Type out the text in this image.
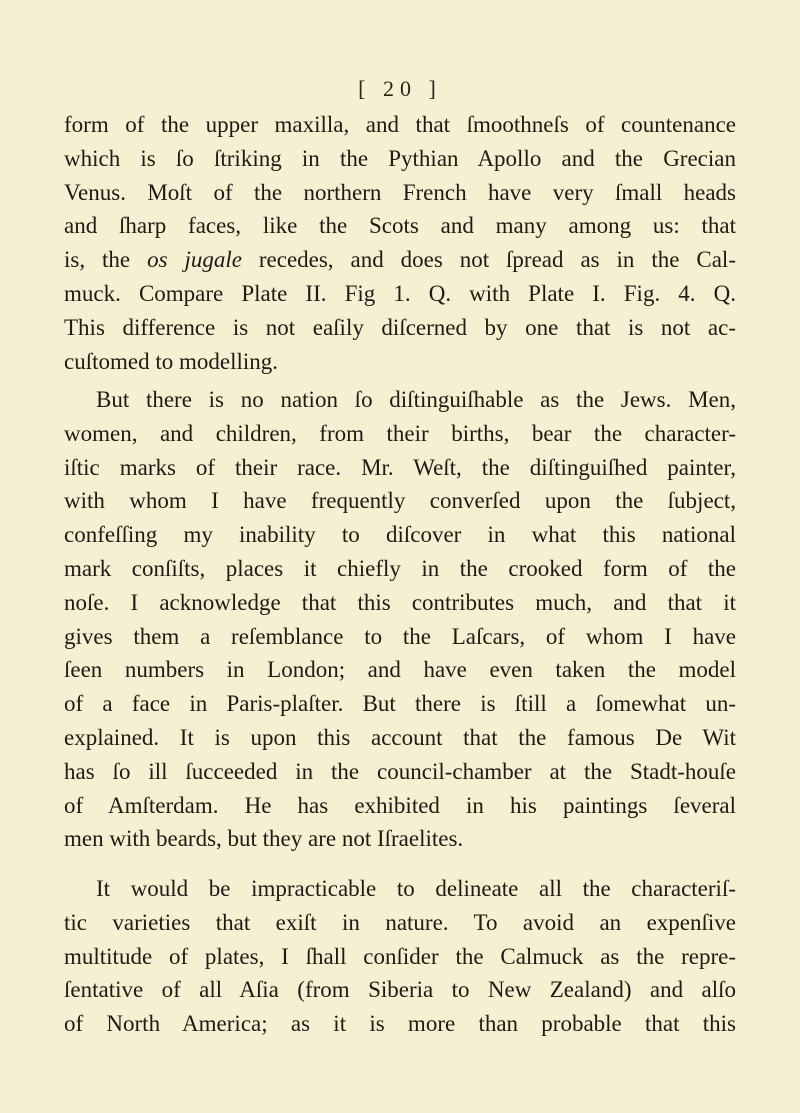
[ 20 ]
form of the upper maxilla, and that ſmoothneſs of countenance
which is ſo ſtriking in the Pythian Apollo and the Grecian
Venus. Moſt of the northern French have very ſmall heads
and ſharp faces, like the Scots and many among us: that
is, the os jugale recedes, and does not ſpread as in the Cal-
muck. Compare Plate II. Fig 1. Q. with Plate I. Fig. 4. Q.
This difference is not eaſily diſcerned by one that is not ac-
cuſtomed to modelling.
But there is no nation ſo diſtinguiſhable as the Jews. Men,
women, and children, from their births, bear the character-
iſtic marks of their race. Mr. Weſt, the diſtinguiſhed painter,
with whom I have frequently converſed upon the ſubject,
confeſſing my inability to diſcover in what this national
mark conſiſts, places it chiefly in the crooked form of the
noſe. I acknowledge that this contributes much, and that it
gives them a reſemblance to the Laſcars, of whom I have
ſeen numbers in London; and have even taken the model
of a face in Paris-plaſter. But there is ſtill a ſomewhat un-
explained. It is upon this account that the famous De Wit
has ſo ill ſucceeded in the council-chamber at the Stadt-houſe
of Amſterdam. He has exhibited in his paintings ſeveral
men with beards, but they are not Iſraelites.
It would be impracticable to delineate all the characteriſ-
tic varieties that exiſt in nature. To avoid an expenſive
multitude of plates, I ſhall conſider the Calmuck as the repre-
ſentative of all Aſia (from Siberia to New Zealand) and alſo
of North America; as it is more than probable that this
